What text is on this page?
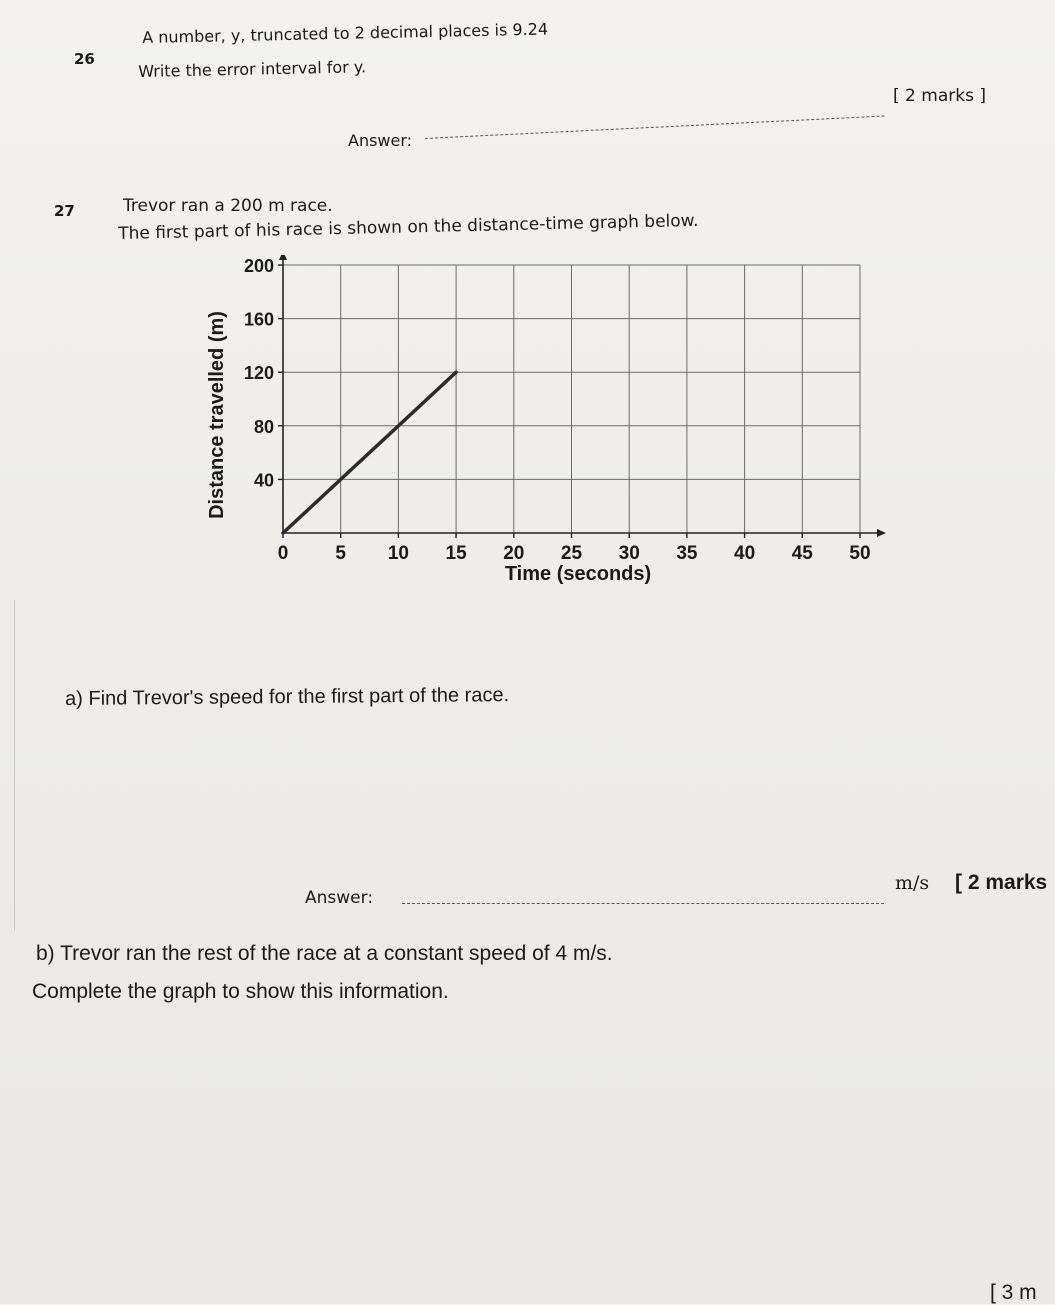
26
A number, y, truncated to 2 decimal places is 9.24
Write the error interval for y.
[ 2 marks ]
Answer:
27	Trevor ran a 200 m race.
The first part of his race is shown on the distance-time graph below.
0 5 10 15 20 25 30 35 40 45 50
40
80
120
160
200
Time (seconds)
Distance travelled (m)
a) Find Trevor's speed for the first part of the race.
Answer:
m/s [ 2 marks
b) Trevor ran the rest of the race at a constant speed of 4 m/s.
Complete the graph to show this information.
[ 3 m
